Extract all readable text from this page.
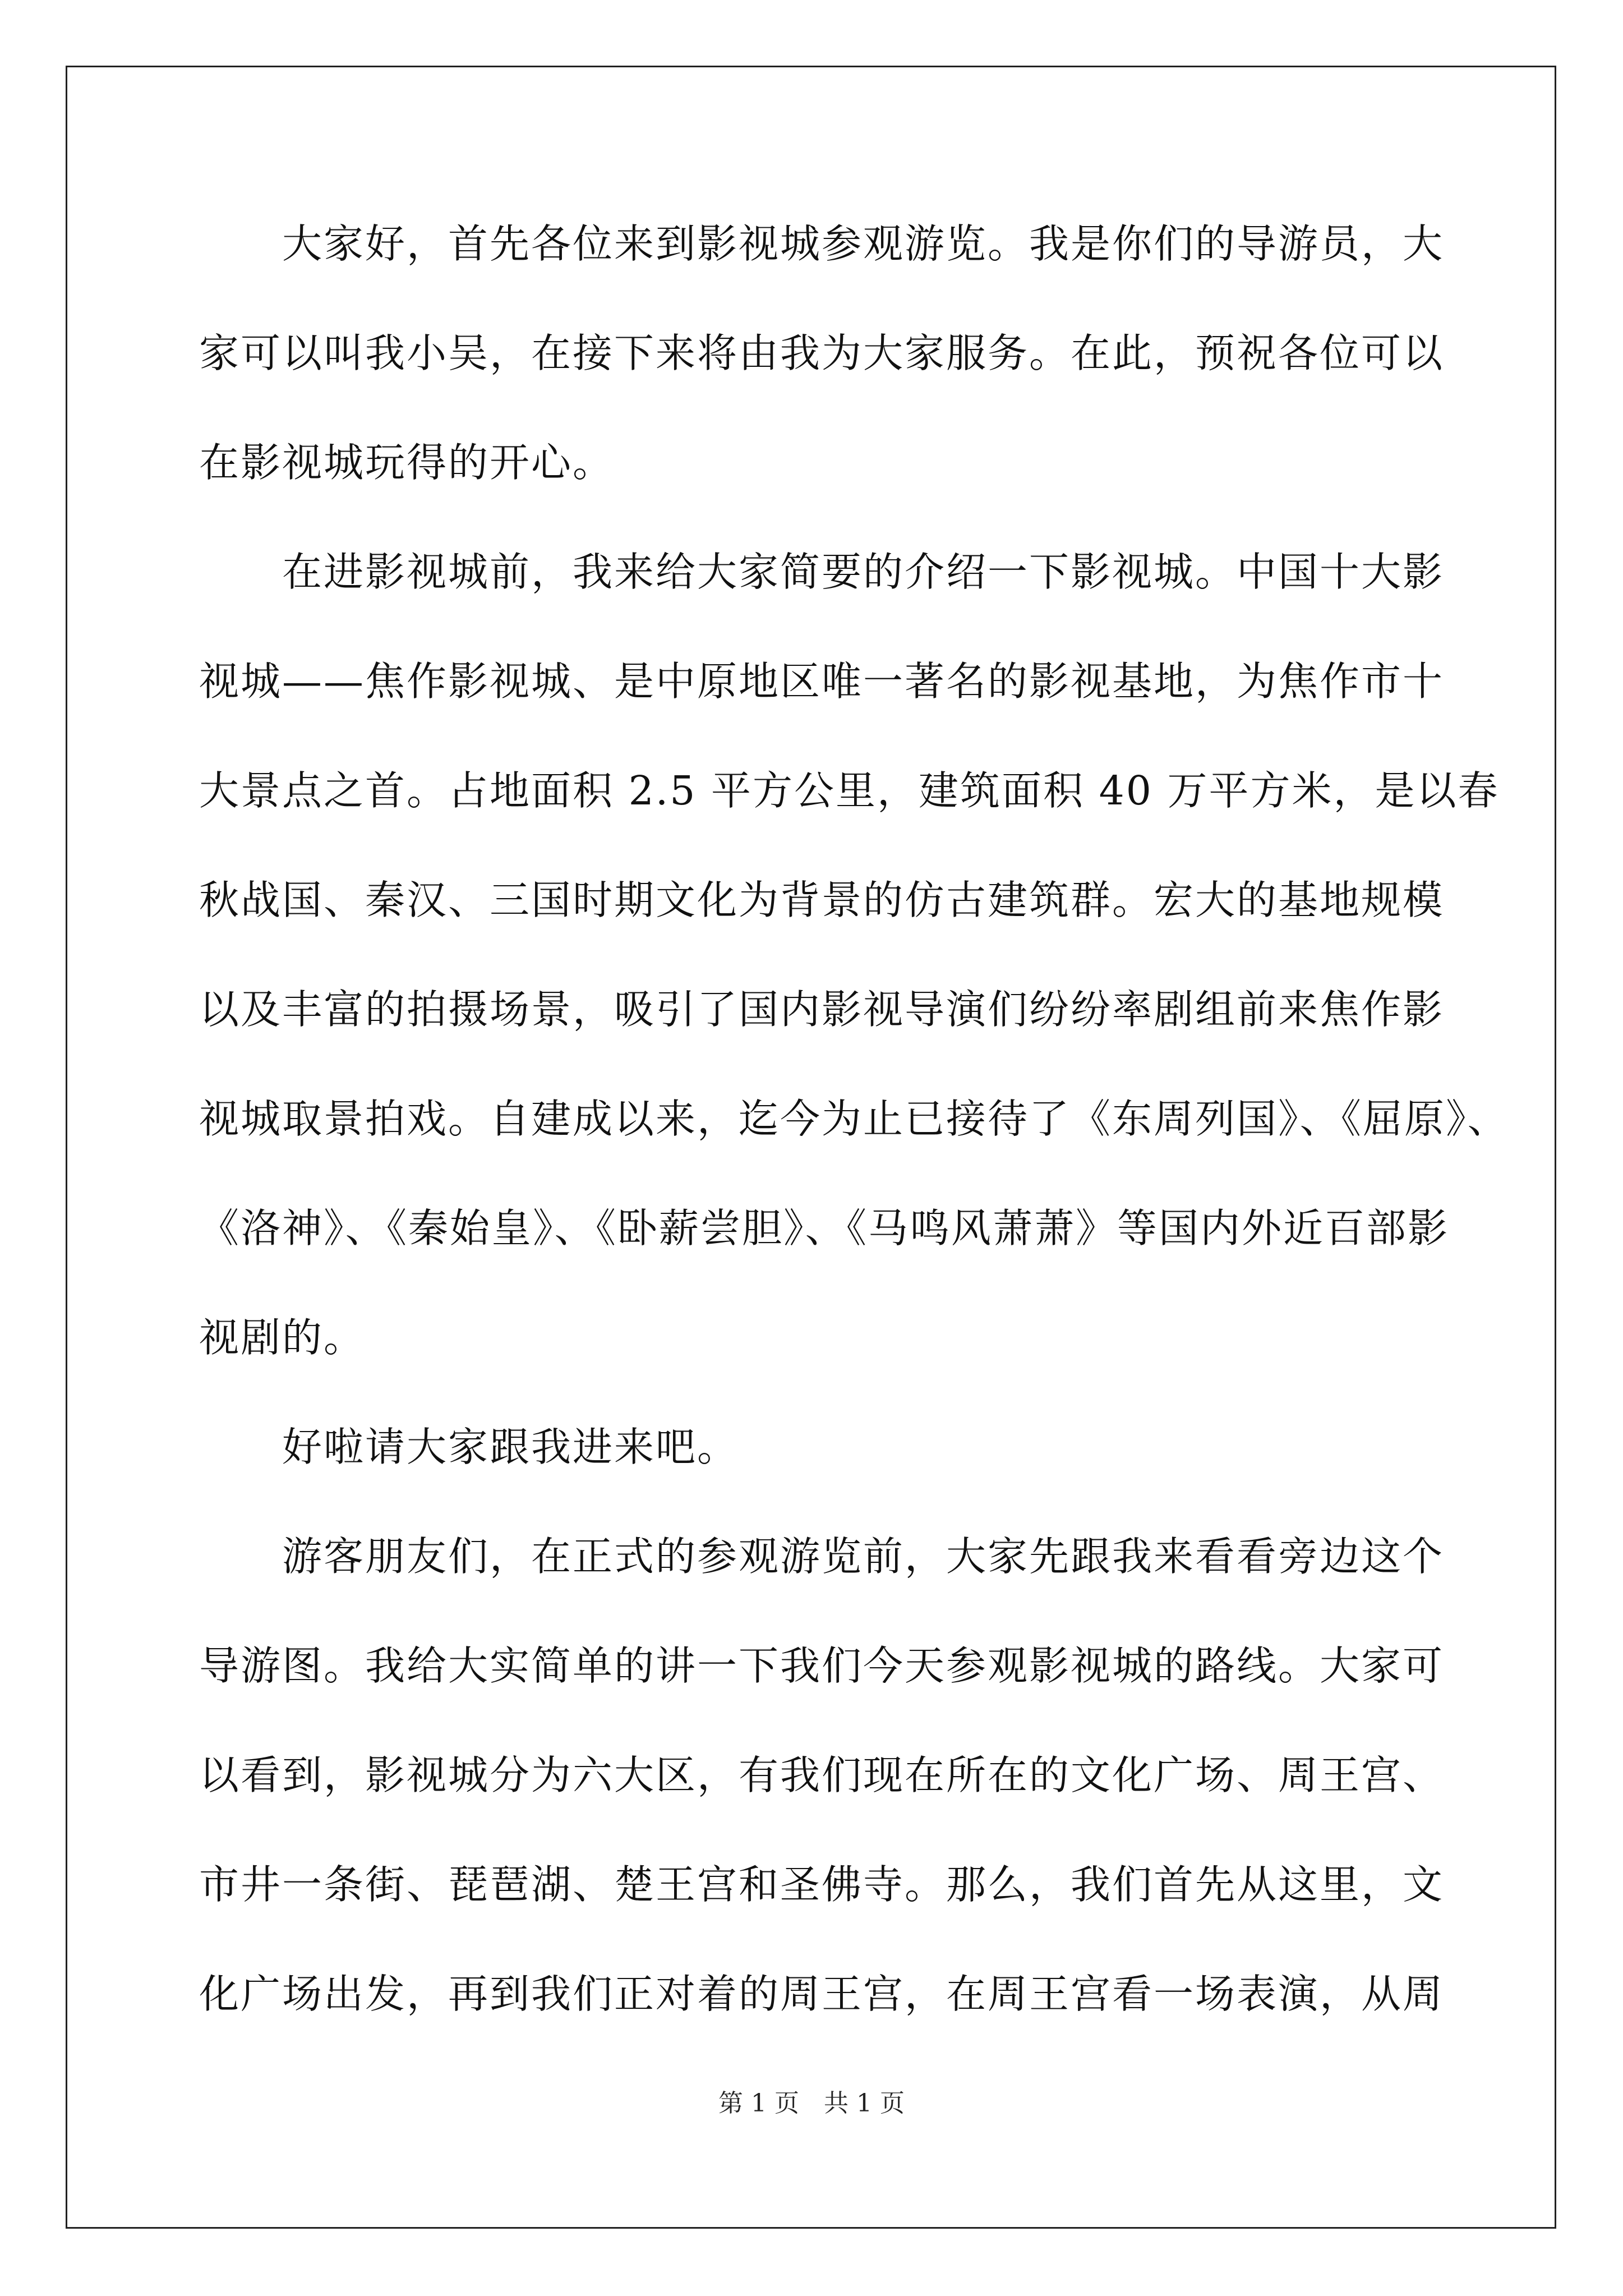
　　大家好，首先各位来到影视城参观游览。我是你们的导游员，大
家可以叫我小吴，在接下来将由我为大家服务。在此，预祝各位可以
在影视城玩得的开心。
　　在进影视城前，我来给大家简要的介绍一下影视城。中国十大影
视城——焦作影视城、是中原地区唯一著名的影视基地，为焦作市十
大景点之首。占地面积 2.5 平方公里，建筑面积 40 万平方米，是以春
秋战国、秦汉、三国时期文化为背景的仿古建筑群。宏大的基地规模
以及丰富的拍摄场景，吸引了国内影视导演们纷纷率剧组前来焦作影
视城取景拍戏。自建成以来，迄今为止已接待了《东周列国》、《屈原》、
《洛神》、《秦始皇》、《卧薪尝胆》、《马鸣风萧萧》等国内外近百部影
视剧的。
　　好啦请大家跟我进来吧。
　　游客朋友们，在正式的参观游览前，大家先跟我来看看旁边这个
导游图。我给大实简单的讲一下我们今天参观影视城的路线。大家可
以看到，影视城分为六大区，有我们现在所在的文化广场、周王宫、
市井一条街、琵琶湖、楚王宫和圣佛寺。那么，我们首先从这里，文
化广场出发，再到我们正对着的周王宫，在周王宫看一场表演，从周
第 1 页　共 1 页
